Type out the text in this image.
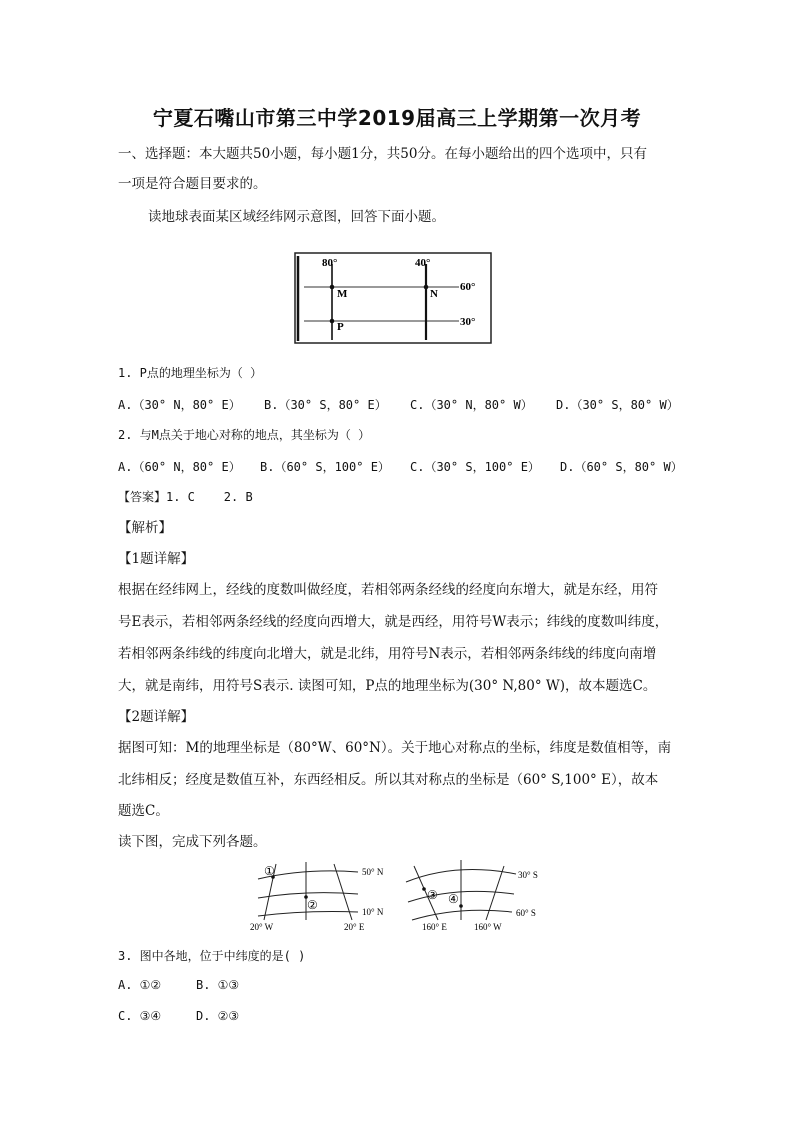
宁夏石嘴山市第三中学2019届高三上学期第一次月考
一、选择题：本大题共50小题，每小题1分，共50分。在每小题给出的四个选项中，只有
一项是符合题目要求的。
读地球表面某区域经纬网示意图，回答下面小题。
80°	40°
60°
30°
M	N
P
1. P点的地理坐标为（ ）
A.（30° N，80° E） B.（30° S，80° E） C.（30° N，80° W） D.（30° S，80° W）
2. 与M点关于地心对称的地点，其坐标为（ ）
A.（60° N，80° E） B.（60° S，100° E） C.（30° S，100° E） D.（60° S，80° W）
【答案】1. C    2. B
【解析】
【1题详解】
根据在经纬网上，经线的度数叫做经度，若相邻两条经线的经度向东增大，就是东经，用符
号E表示，若相邻两条经线的经度向西增大，就是西经，用符号W表示；纬线的度数叫纬度，
若相邻两条纬线的纬度向北增大，就是北纬，用符号N表示，若相邻两条纬线的纬度向南增
大，就是南纬，用符号S表示. 读图可知，P点的地理坐标为(30° N,80° W)，故本题选C。
【2题详解】
据图可知：M的地理坐标是（80°W、60°N）。关于地心对称点的坐标，纬度是数值相等，南
北纬相反；经度是数值互补，东西经相反。所以其对称点的坐标是（60° S,100° E），故本
题选C。
读下图，完成下列各题。
①
②
50° N
10° N
20° W	20° E
③ ④
30° S
60° S
160° E	160° W
3. 图中各地，位于中纬度的是( )
A. ①②	B. ①③
C. ③④	D. ②③
